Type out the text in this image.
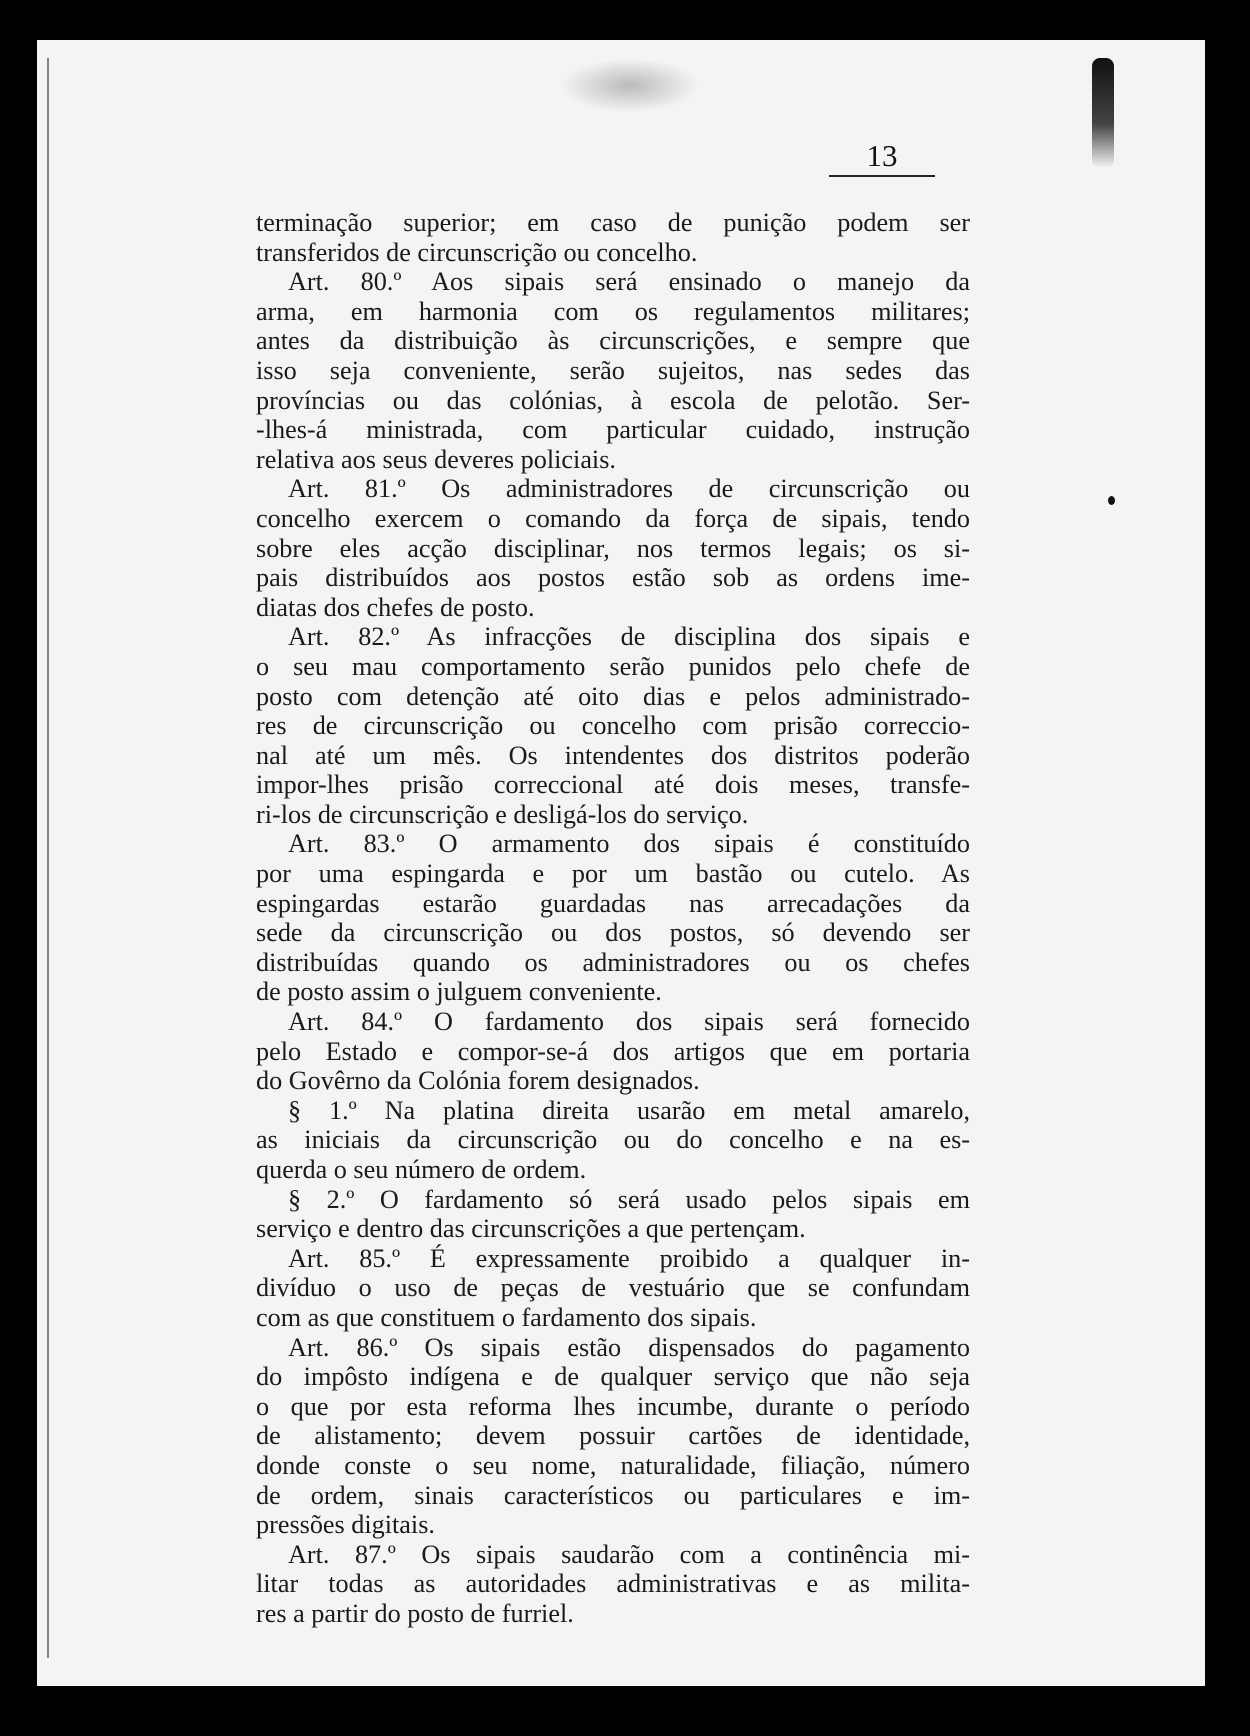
13

terminação superior; em caso de punição podem ser

transferidos de circunscrição ou concelho.

Art. 80.º Aos sipais será ensinado o manejo da

arma, em harmonia com os regulamentos militares;

antes da distribuição às circunscrições, e sempre que

isso seja conveniente, serão sujeitos, nas sedes das

províncias ou das colónias, à escola de pelotão. Ser-

-lhes-á ministrada, com particular cuidado, instrução

relativa aos seus deveres policiais.

Art. 81.º Os administradores de circunscrição ou

concelho exercem o comando da força de sipais, tendo

sobre eles acção disciplinar, nos termos legais; os si-

pais distribuídos aos postos estão sob as ordens ime-

diatas dos chefes de posto.

Art. 82.º As infracções de disciplina dos sipais e

o seu mau comportamento serão punidos pelo chefe de

posto com detenção até oito dias e pelos administrado-

res de circunscrição ou concelho com prisão correccio-

nal até um mês. Os intendentes dos distritos poderão

impor-lhes prisão correccional até dois meses, transfe-

ri-los de circunscrição e desligá-los do serviço.

Art. 83.º O armamento dos sipais é constituído

por uma espingarda e por um bastão ou cutelo. As

espingardas estarão guardadas nas arrecadações da

sede da circunscrição ou dos postos, só devendo ser

distribuídas quando os administradores ou os chefes

de posto assim o julguem conveniente.

Art. 84.º O fardamento dos sipais será fornecido

pelo Estado e compor-se-á dos artigos que em portaria

do Govêrno da Colónia forem designados.

§ 1.º Na platina direita usarão em metal amarelo,

as iniciais da circunscrição ou do concelho e na es-

querda o seu número de ordem.

§ 2.º O fardamento só será usado pelos sipais em

serviço e dentro das circunscrições a que pertençam.

Art. 85.º É expressamente proibido a qualquer in-

divíduo o uso de peças de vestuário que se confundam

com as que constituem o fardamento dos sipais.

Art. 86.º Os sipais estão dispensados do pagamento

do impôsto indígena e de qualquer serviço que não seja

o que por esta reforma lhes incumbe, durante o período

de alistamento; devem possuir cartões de identidade,

donde conste o seu nome, naturalidade, filiação, número

de ordem, sinais característicos ou particulares e im-

pressões digitais.

Art. 87.º Os sipais saudarão com a continência mi-

litar todas as autoridades administrativas e as milita-

res a partir do posto de furriel.
